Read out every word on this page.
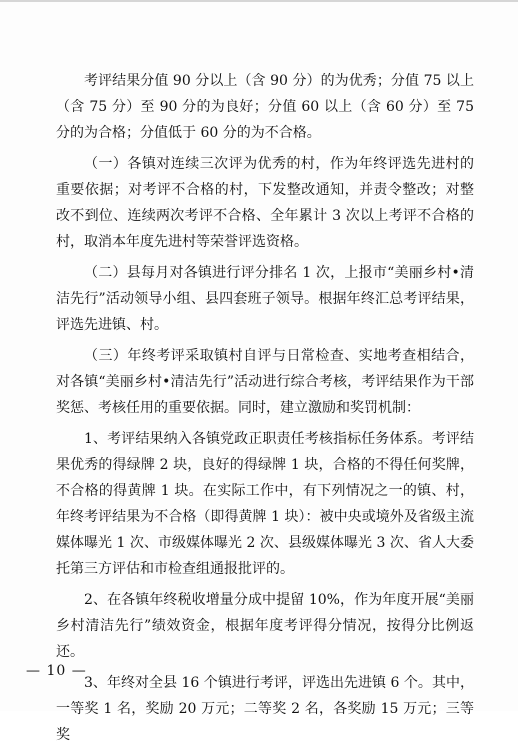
考评结果分值 90 分以上（含 90 分）的为优秀；分值 75 以上（含 75 分）至 90 分的为良好；分值 60 以上（含 60 分）至 75 分的为合格；分值低于 60 分的为不合格。

（一）各镇对连续三次评为优秀的村，作为年终评选先进村的重要依据；对考评不合格的村，下发整改通知，并责令整改；对整改不到位、连续两次考评不合格、全年累计 3 次以上考评不合格的村，取消本年度先进村等荣誉评选资格。

（二）县每月对各镇进行评分排名 1 次，上报市“美丽乡村•清洁先行”活动领导小组、县四套班子领导。根据年终汇总考评结果，评选先进镇、村。

（三）年终考评采取镇村自评与日常检查、实地考查相结合，对各镇“美丽乡村•清洁先行”活动进行综合考核，考评结果作为干部奖惩、考核任用的重要依据。同时，建立激励和奖罚机制：

1、考评结果纳入各镇党政正职责任考核指标任务体系。考评结果优秀的得绿牌 2 块，良好的得绿牌 1 块，合格的不得任何奖牌，不合格的得黄牌 1 块。在实际工作中，有下列情况之一的镇、村，年终考评结果为不合格（即得黄牌 1 块）：被中央或境外及省级主流媒体曝光 1 次、市级媒体曝光 2 次、县级媒体曝光 3 次、省人大委托第三方评估和市检查组通报批评的。

2、在各镇年终税收增量分成中提留 10%，作为年度开展“美丽乡村清洁先行”绩效资金，根据年度考评得分情况，按得分比例返还。

3、年终对全县 16 个镇进行考评，评选出先进镇 6 个。其中，一等奖 1 名，奖励 20 万元；二等奖 2 名，各奖励 15 万元；三等奖

— 10 —
